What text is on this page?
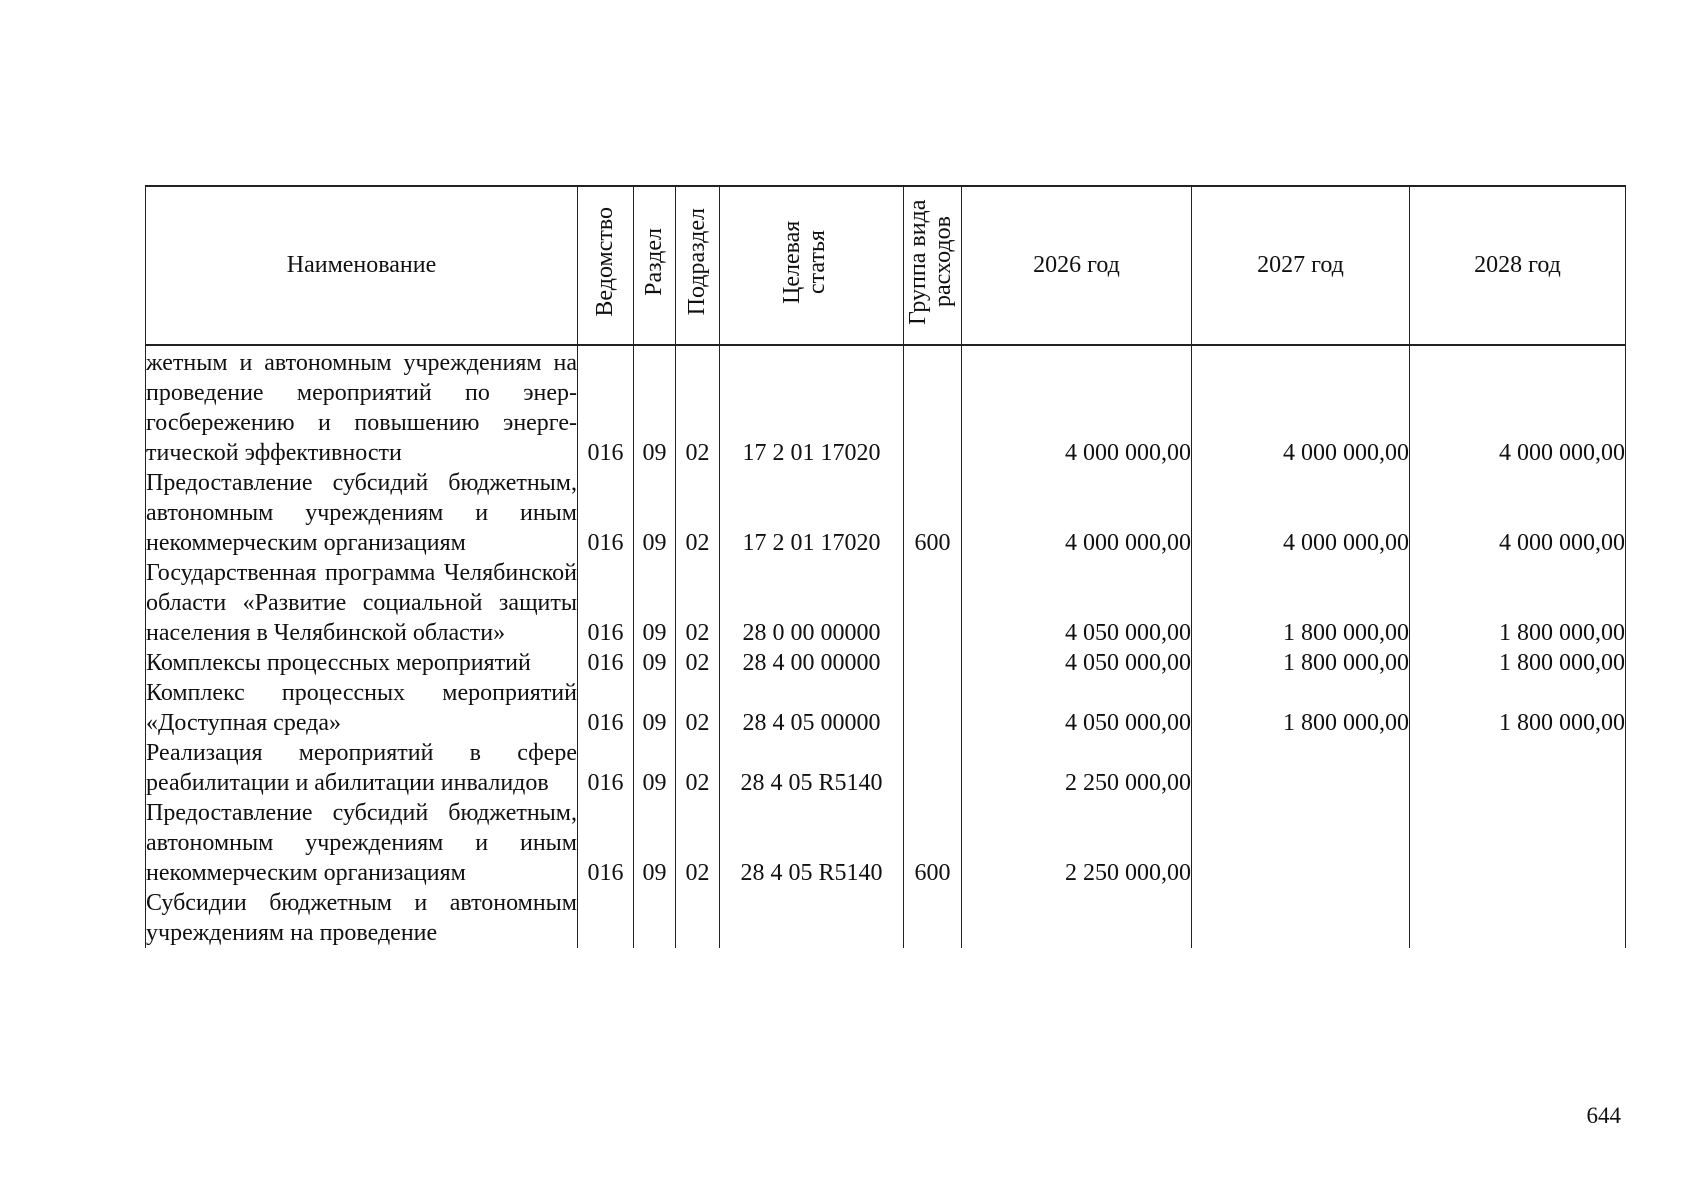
Наименование	Ведомство	Раздел	Подраздел	Целевая статья	Группа вида расходов	2026 год	2027 год	2028 год
жетным и автономным учреждениям на проведение мероприятий по энергосбережению и повышению энергетической эффективности	016	09	02	17 2 01 17020		4 000 000,00	4 000 000,00	4 000 000,00
Предоставление субсидий бюджетным, автономным учреждениям и иным некоммерческим организациям	016	09	02	17 2 01 17020	600	4 000 000,00	4 000 000,00	4 000 000,00
Государственная программа Челябинской области «Развитие социальной защиты населения в Челябинской области»	016	09	02	28 0 00 00000		4 050 000,00	1 800 000,00	1 800 000,00
Комплексы процессных мероприятий	016	09	02	28 4 00 00000		4 050 000,00	1 800 000,00	1 800 000,00
Комплекс процессных мероприятий «Доступная среда»	016	09	02	28 4 05 00000		4 050 000,00	1 800 000,00	1 800 000,00
Реализация мероприятий в сфере реабилитации и абилитации инвалидов	016	09	02	28 4 05 R5140		2 250 000,00		
Предоставление субсидий бюджетным, автономным учреждениям и иным некоммерческим организациям	016	09	02	28 4 05 R5140	600	2 250 000,00		
Субсидии бюджетным и автономным учреждениям на проведение								
644
